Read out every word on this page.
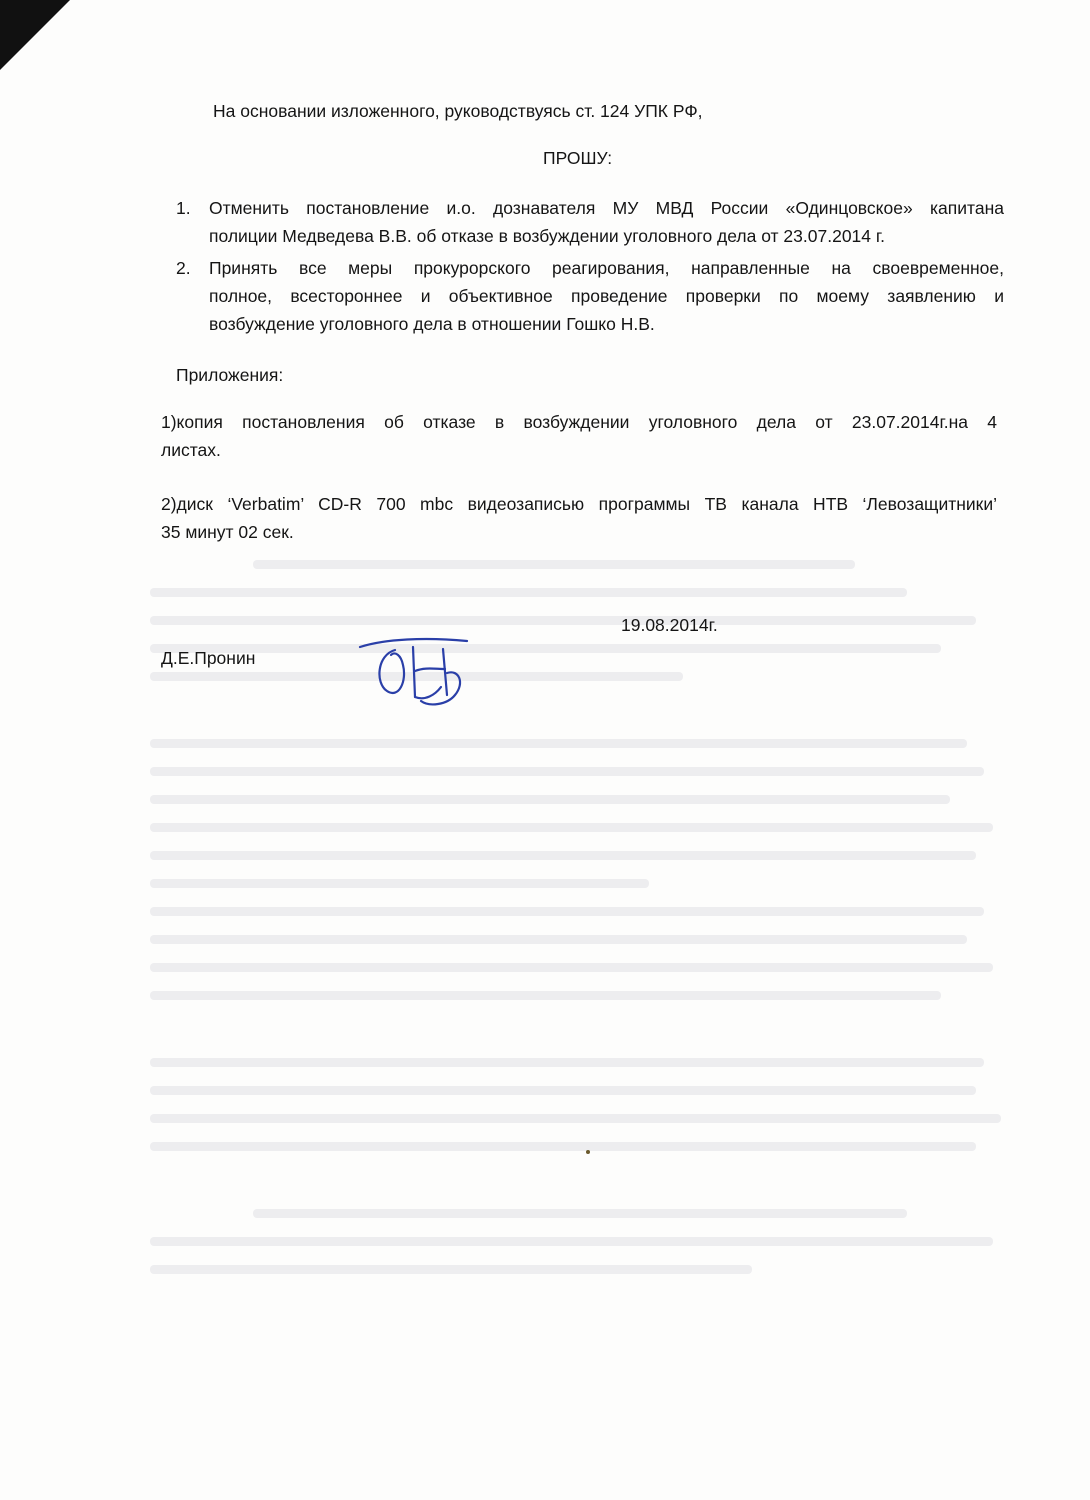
На основании изложенного, руководствуясь ст. 124 УПК РФ,
ПРОШУ:
1. Отменить постановление и.о. дознавателя МУ МВД России «Одинцовское» капитана
полиции Медведева В.В. об отказе в возбуждении уголовного дела от 23.07.2014 г.
2. Принять все меры прокурорского реагирования, направленные на своевременное,
полное, всестороннее и объективное проведение проверки по моему заявлению и
возбуждение уголовного дела в отношении Гошко Н.В.
Приложения:
1)копия постановления об отказе в возбуждении уголовного дела от 23.07.2014г.на 4
листах.
2)диск ‘Verbatim’ CD-R 700 mbc видеозаписью программы ТВ канала НТВ ‘Левозащитники’
35 минут 02 сек.
19.08.2014г.
Д.Е.Пронин
